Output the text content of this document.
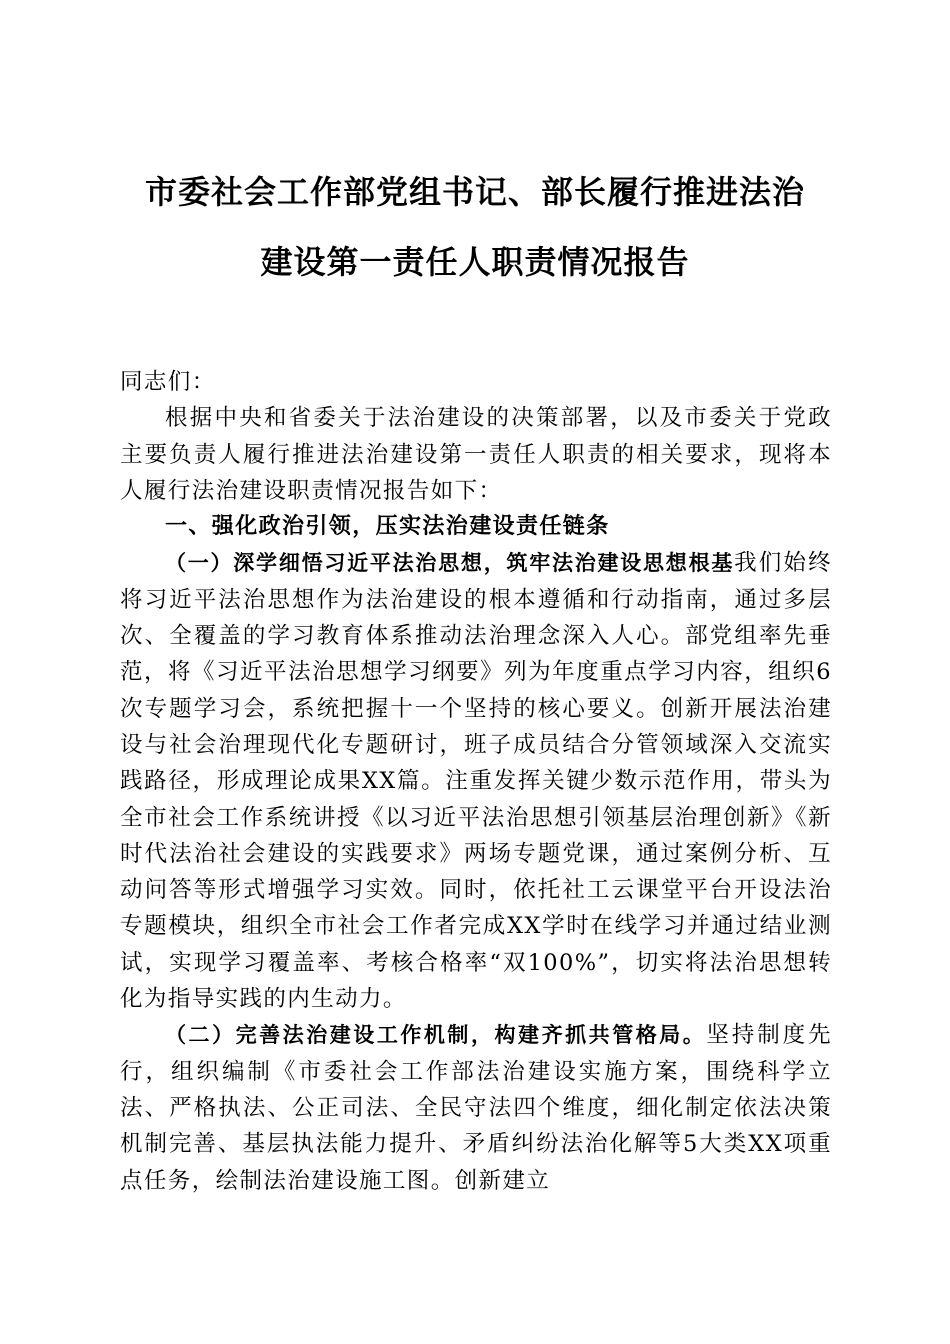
市委社会工作部党组书记、部长履行推进法治
建设第一责任人职责情况报告

同志们：

根据中央和省委关于法治建设的决策部署，以及市委关于党政主要负责人履行推进法治建设第一责任人职责的相关要求，现将本人履行法治建设职责情况报告如下：

一、强化政治引领，压实法治建设责任链条

（一）深学细悟习近平法治思想，筑牢法治建设思想根基我们始终将习近平法治思想作为法治建设的根本遵循和行动指南，通过多层次、全覆盖的学习教育体系推动法治理念深入人心。部党组率先垂范，将《习近平法治思想学习纲要》列为年度重点学习内容，组织6次专题学习会，系统把握十一个坚持的核心要义。创新开展法治建设与社会治理现代化专题研讨，班子成员结合分管领域深入交流实践路径，形成理论成果XX篇。注重发挥关键少数示范作用，带头为全市社会工作系统讲授《以习近平法治思想引领基层治理创新》《新时代法治社会建设的实践要求》两场专题党课，通过案例分析、互动问答等形式增强学习实效。同时，依托社工云课堂平台开设法治专题模块，组织全市社会工作者完成XX学时在线学习并通过结业测试，实现学习覆盖率、考核合格率“双100%”，切实将法治思想转化为指导实践的内生动力。

（二）完善法治建设工作机制，构建齐抓共管格局。坚持制度先行，组织编制《市委社会工作部法治建设实施方案，围绕科学立法、严格执法、公正司法、全民守法四个维度，细化制定依法决策机制完善、基层执法能力提升、矛盾纠纷法治化解等5大类XX项重点任务，绘制法治建设施工图。创新建立
